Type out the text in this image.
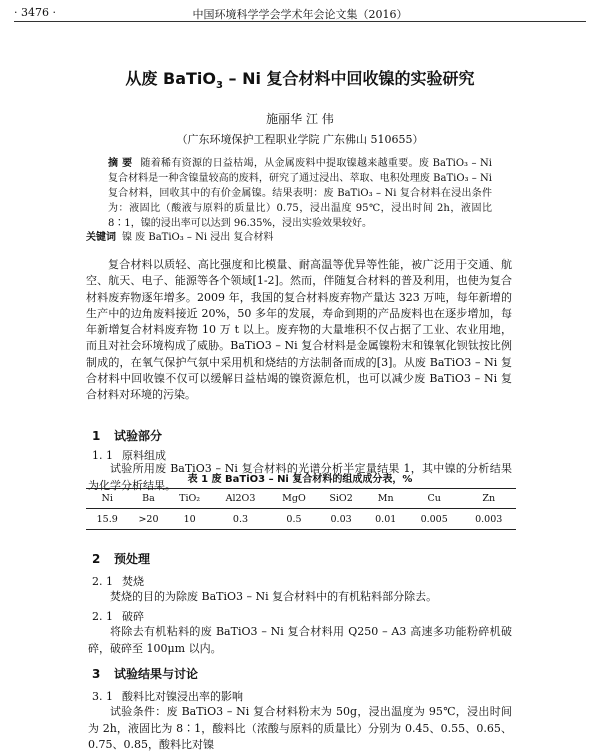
· 3476 ·	中国环境科学学会学术年会论文集（2016）
从废 BaTiO$_3$ – Ni 复合材料中回收镍的实验研究
施丽华 江 伟
（广东环境保护工程职业学院 广东佛山 510655）
摘 要 随着稀有资源的日益枯竭，从金属废料中提取镍越来越重要。废 BaTiO₃ – Ni 复合材料是一种含镍量较高的废料，研究了通过浸出、萃取、电积处理废 BaTiO₃ – Ni 复合材料，回收其中的有价金属镍。结果表明：废 BaTiO₃ – Ni 复合材料在浸出条件为：液固比（酸液与原料的质量比）0.75，浸出温度 95℃，浸出时间 2h，液固比 8∶1，镍的浸出率可以达到 96.35%，浸出实验效果较好。
关键词 镍 废 BaTiO₃ – Ni 浸出 复合材料
复合材料以质轻、高比强度和比模量、耐高温等优异等性能，被广泛用于交通、航空、航天、电子、能源等各个领域[1-2]。然而，伴随复合材料的普及利用，也使为复合材料废弃物逐年增多。2009 年，我国的复合材料废弃物产量达 323 万吨，每年新增的生产中的边角废料接近 20%，50 多年的发展，寿命到期的产品废料也在逐步增加，每年新增复合材料废弃物 10 万 t 以上。废弃物的大量堆积不仅占据了工业、农业用地，而且对社会环境构成了威胁。BaTiO3 – Ni 复合材料是金属镍粉末和镍氧化钡钛按比例制成的，在氧气保护气氛中采用机和烧结的方法制备而成的[3]。从废 BaTiO3 – Ni 复合材料中回收镍不仅可以缓解日益枯竭的镍资源危机，也可以减少废 BaTiO3 – Ni 复合材料对环境的污染。
1 试验部分
1. 1 原料组成
试验所用废 BaTiO3 – Ni 复合材料的光谱分析半定量结果 1，其中镍的分析结果为化学分析结果。	表 1 废 BaTiO3 – Ni 复合材料的组成成分表，%
Ni	Ba	TiO₂	Al2O3	MgO	SiO2	Mn	Cu	Zn
15.9	>20	10	0.3	0.5	0.03	0.01	0.005	0.003
2 预处理
2. 1 焚烧
焚烧的目的为除废 BaTiO3 – Ni 复合材料中的有机粘料部分除去。
2. 1 破碎
将除去有机粘料的废 BaTiO3 – Ni 复合材料用 Q250 – A3 高速多功能粉碎机破碎，破碎至 100μm 以内。
3 试验结果与讨论
3. 1 酸料比对镍浸出率的影响
试验条件：废 BaTiO3 – Ni 复合材料粉末为 50g，浸出温度为 95℃，浸出时间为 2h，液固比为 8∶1，酸料比（浓酸与原料的质量比）分别为 0.45、0.55、0.65、0.75、0.85，酸料比对镍
